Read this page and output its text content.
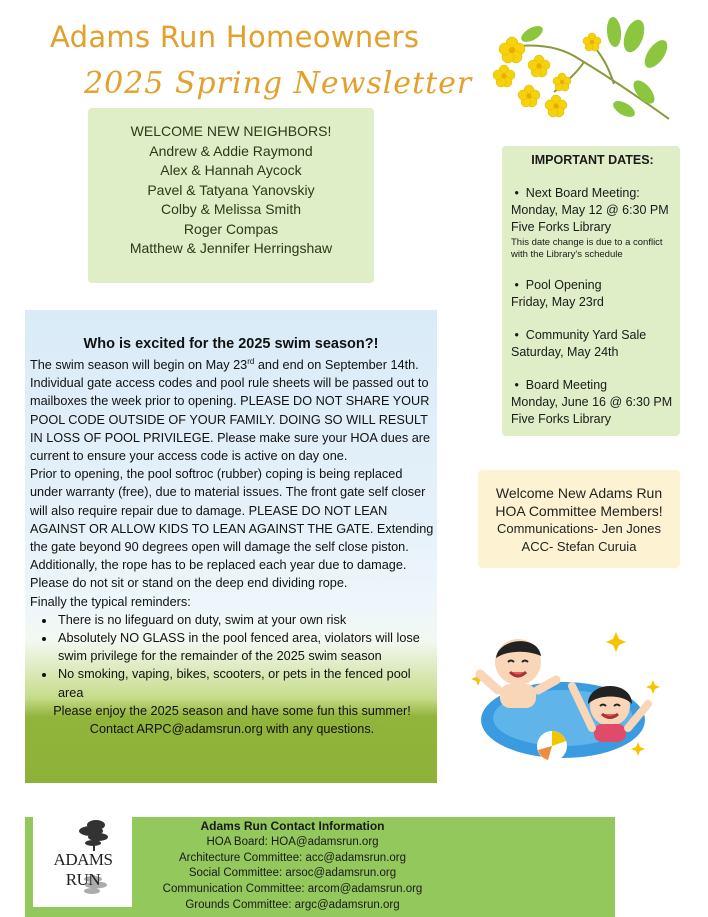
Adams Run Homeowners
2025 Spring Newsletter
WELCOME NEW NEIGHBORS!
Andrew & Addie Raymond
Alex & Hannah Aycock
Pavel & Tatyana Yanovskiy
Colby & Melissa Smith
Roger Compas
Matthew & Jennifer Herringshaw
IMPORTANT DATES:
•  Next Board Meeting:
Monday, May 12 @ 6:30 PM
Five Forks Library
This date change is due to a conflict with the Library's schedule
•  Pool Opening
Friday, May 23rd
•  Community Yard Sale
Saturday, May 24th
•  Board Meeting
Monday, June 16 @ 6:30 PM
Five Forks Library
Welcome New Adams Run
HOA Committee Members!
Communications- Jen Jones
ACC- Stefan Curuia
Who is excited for the 2025 swim season?!

The swim season will begin on May 23rd and end on September 14th. Individual gate access codes and pool rule sheets will be passed out to mailboxes the week prior to opening. PLEASE DO NOT SHARE YOUR POOL CODE OUTSIDE OF YOUR FAMILY. DOING SO WILL RESULT IN LOSS OF POOL PRIVILEGE. Please make sure your HOA dues are current to ensure your access code is active on day one.

Prior to opening, the pool softroc (rubber) coping is being replaced under warranty (free), due to material issues. The front gate self closer will also require repair due to damage. PLEASE DO NOT LEAN AGAINST OR ALLOW KIDS TO LEAN AGAINST THE GATE. Extending the gate beyond 90 degrees open will damage the self close piston. Additionally, the rope has to be replaced each year due to damage. Please do not sit or stand on the deep end dividing rope.

Finally the typical reminders:

• There is no lifeguard on duty, swim at your own risk
• Absolutely NO GLASS in the pool fenced area, violators will lose swim privilege for the remainder of the 2025 swim season
• No smoking, vaping, bikes, scooters, or pets in the fenced pool area
Please enjoy the 2025 season and have some fun this summer!
Contact ARPC@adamsrun.org with any questions.
ADAMS RUN
Adams Run Contact Information
HOA Board: HOA@adamsrun.org
Architecture Committee: acc@adamsrun.org
Social Committee: arsoc@adamsrun.org
Communication Committee: arcom@adamsrun.org
Grounds Committee: argc@adamsrun.org
